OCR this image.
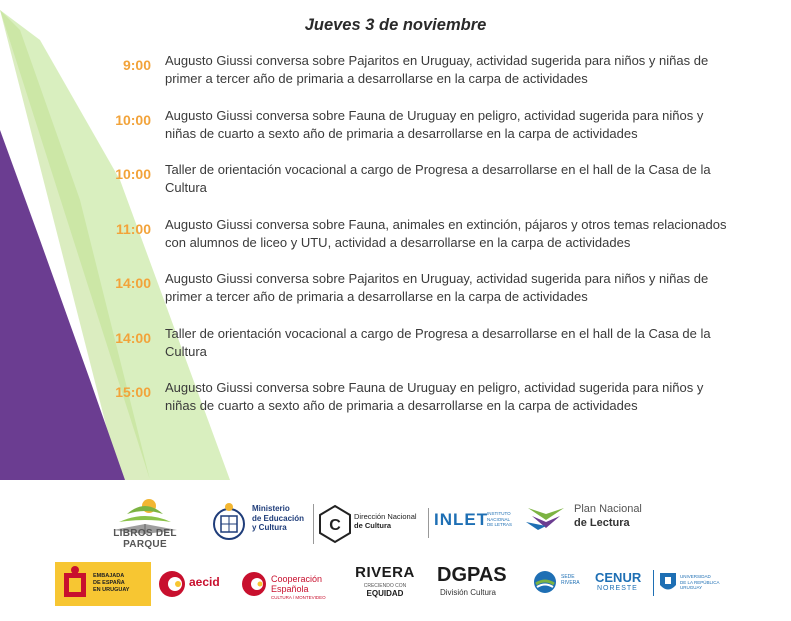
Jueves 3 de noviembre
9:00 Augusto Giussi conversa sobre Pajaritos en Uruguay, actividad sugerida para niños y niñas de primer a tercer año de primaria a desarrollarse en la carpa de actividades
10:00 Augusto Giussi conversa sobre Fauna de Uruguay en peligro, actividad sugerida para niños y niñas de cuarto a sexto año de primaria a desarrollarse en la carpa de actividades
10:00 Taller de orientación vocacional a cargo de Progresa a desarrollarse en el hall de la Casa de la Cultura
11:00 Augusto Giussi conversa sobre Fauna, animales en extinción, pájaros y otros temas relacionados con alumnos de liceo y UTU, actividad a desarrollarse en la carpa de actividades
14:00 Augusto Giussi conversa sobre Pajaritos en Uruguay, actividad sugerida para niños y niñas de primer a tercer año de primaria a desarrollarse en la carpa de actividades
14:00 Taller de orientación vocacional a cargo de Progresa a desarrollarse en el hall de la Casa de la Cultura
15:00 Augusto Giussi conversa sobre Fauna de Uruguay en peligro, actividad sugerida para niños y niñas de cuarto a sexto año de primaria a desarrollarse en la carpa de actividades
LIBROS DEL PARQUE
Ministerio
de Educación
y Cultura	C
Dirección Nacional
de Cultura	INLET
INSTITUTO
NACIONAL
DE LETRAS
Plan Nacional
de Lectura
EMBAJADA
DE ESPAÑA
EN URUGUAY
aecid	Cooperación
Española
CULTURA / MONTEVIDEO
RIVERA
CRECIENDO CON
EQUIDAD
DGPAS
División Cultura
SEDE
RIVERA CENUR
NORESTE
UNIVERSIDAD
DE LA REPÚBLICA
URUGUAY
